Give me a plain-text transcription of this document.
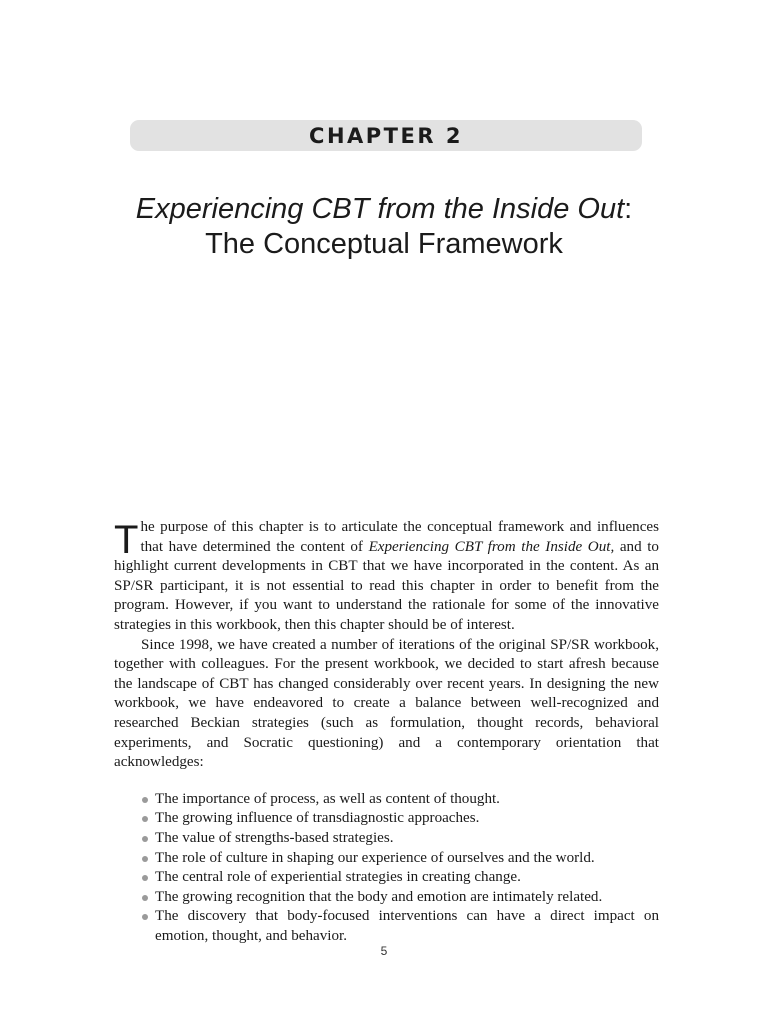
CHAPTER 2
Experiencing CBT from the Inside Out:
The Conceptual Framework

The purpose of this chapter is to articulate the conceptual framework and influences that have determined the content of Experiencing CBT from the Inside Out, and to highlight current developments in CBT that we have incorporated in the content. As an SP/SR participant, it is not essential to read this chapter in order to benefit from the program. However, if you want to understand the rationale for some of the innovative strategies in this workbook, then this chapter should be of interest.

Since 1998, we have created a number of iterations of the original SP/SR workbook, together with colleagues. For the present workbook, we decided to start afresh because the landscape of CBT has changed considerably over recent years. In designing the new workbook, we have endeavored to create a balance between well-recognized and researched Beckian strategies (such as formulation, thought records, behavioral experiments, and Socratic questioning) and a contemporary orientation that acknowledges:

The importance of process, as well as content of thought.
The growing influence of transdiagnostic approaches.
The value of strengths-based strategies.
The role of culture in shaping our experience of ourselves and the world.
The central role of experiential strategies in creating change.
The growing recognition that the body and emotion are intimately related.
The discovery that body-focused interventions can have a direct impact on emotion, thought, and behavior.
5
